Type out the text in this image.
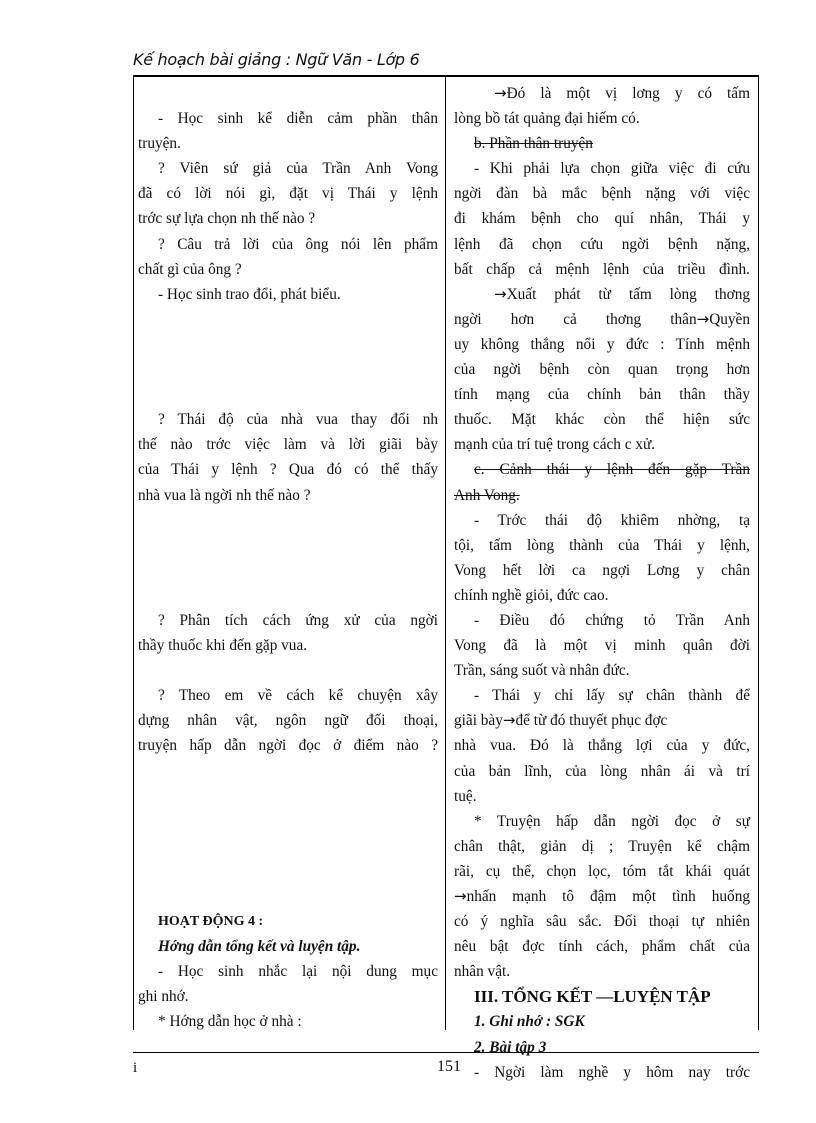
Kế hoạch bài giảng : Ngữ Văn - Lớp 6

- Học sinh kể diễn cảm phần thân
truyện.
? Viên sứ giả của Trần Anh Vong
đã có lời nói gì, đặt vị Thái y lệnh
trớc sự lựa chọn nh thế nào ?
? Câu trả lời của ông nói lên phẩm
chất gì của ông ?
- Học sinh trao đổi, phát biểu.

? Thái độ của nhà vua thay đổi nh
thế nào trớc việc làm và lời giãi bày
của Thái y lệnh ? Qua đó có thể thấy
nhà vua là ngời nh thế nào ?

? Phân tích cách ứng xử của ngời
thầy thuốc khi đến gặp vua.

? Theo em về cách kể chuyện xây
dựng nhân vật, ngôn ngữ đối thoại,
truyện hấp dẫn ngời đọc ở điểm nào ?

HOẠT ĐỘNG 4 :
Hớng dẫn tổng kết và luyện tập.
- Học sinh nhắc lại nội dung mục
ghi nhớ.
* Hớng dẫn học ở nhà :
→Đó là một vị lơng y có tấm
lòng bồ tát quảng đại hiếm có.
b. Phần thân truyện
- Khi phải lựa chọn giữa việc đi cứu
ngời đàn bà mắc bệnh nặng với việc
đi khám bệnh cho quí nhân, Thái y
lệnh đã chọn cứu ngời bệnh nặng,
bất chấp cả mệnh lệnh của triều đình.
→Xuất phát từ tấm lòng thơng
ngời hơn cả thơng thân→Quyền
uy không thắng nổi y đức : Tính mệnh
của ngời bệnh còn quan trọng hơn
tính mạng của chính bản thân thầy
thuốc. Mặt khác còn thể hiện sức
mạnh của trí tuệ trong cách c xử.
c. Cảnh thái y lệnh đến gặp Trần
Anh Vong.
- Trớc thái độ khiêm nhờng, tạ
tội, tấm lòng thành của Thái y lệnh,
Vong hết lời ca ngợi Lơng y chân
chính nghề giỏi, đức cao.
- Điều đó chứng tỏ Trần Anh
Vong đã là một vị minh quân đời
Trần, sáng suốt và nhân đức.
- Thái y chỉ lấy sự chân thành để
giãi bày→để từ đó thuyết phục đợc
nhà vua. Đó là thắng lợi của y đức,
của bản lĩnh, của lòng nhân ái và trí
tuệ.
* Truyện hấp dẫn ngời đọc ở sự
chân thật, giản dị ; Truyện kể chậm
rãi, cụ thể, chọn lọc, tóm tắt khái quát
→nhấn mạnh tô đậm một tình huống
có ý nghĩa sâu sắc. Đối thoại tự nhiên
nêu bật đợc tính cách, phẩm chất của
nhân vật.
III. TỔNG KẾT —LUYỆN TẬP
1. Ghi nhớ : SGK
2. Bài tập 3
- Ngời làm nghề y hôm nay trớc
i	151
